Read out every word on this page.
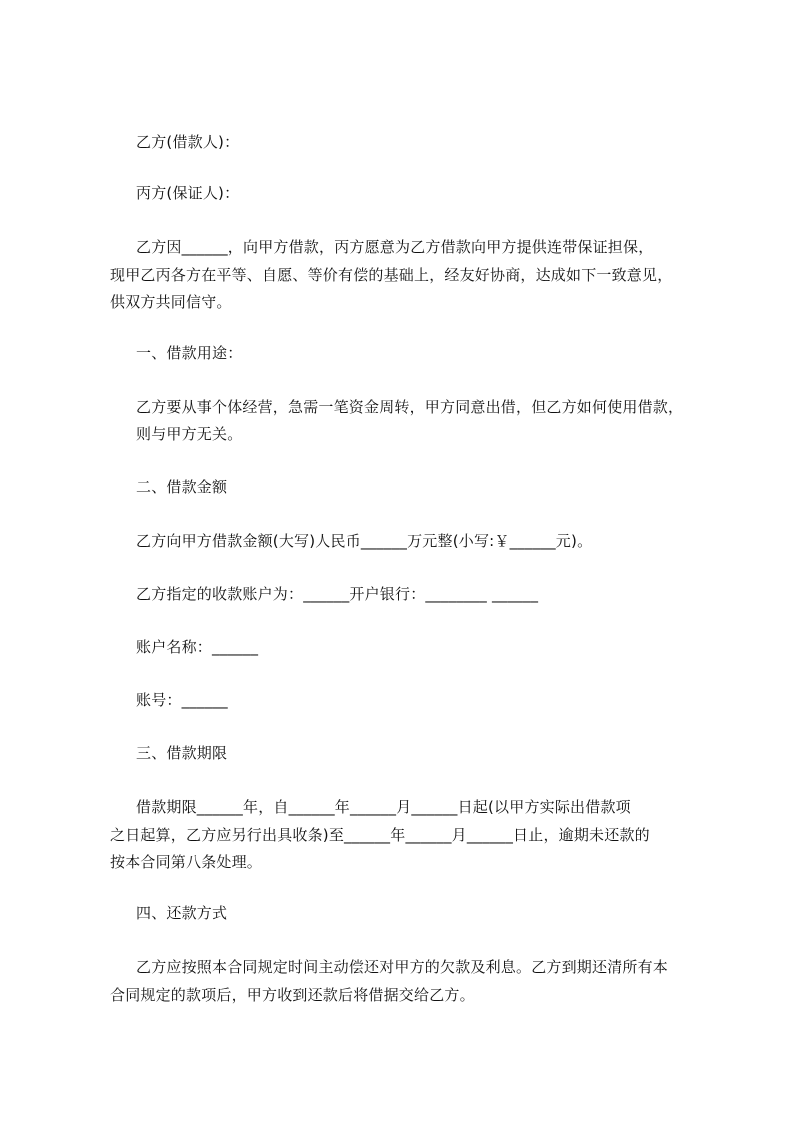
乙方(借款人)：
丙方(保证人)：
乙方因______，向甲方借款，丙方愿意为乙方借款向甲方提供连带保证担保，
现甲乙丙各方在平等、自愿、等价有偿的基础上，经友好协商，达成如下一致意见，
供双方共同信守。
一、借款用途：
乙方要从事个体经营，急需一笔资金周转，甲方同意出借，但乙方如何使用借款，
则与甲方无关。
二、借款金额
乙方向甲方借款金额(大写)人民币______万元整(小写:￥______元)。
乙方指定的收款账户为：______开户银行：________ ______
账户名称：______
账号：______
三、借款期限
借款期限______年，自______年______月______日起(以甲方实际出借款项
之日起算，乙方应另行出具收条)至______年______月______日止，逾期未还款的
按本合同第八条处理。
四、还款方式
乙方应按照本合同规定时间主动偿还对甲方的欠款及利息。乙方到期还清所有本
合同规定的款项后，甲方收到还款后将借据交给乙方。
